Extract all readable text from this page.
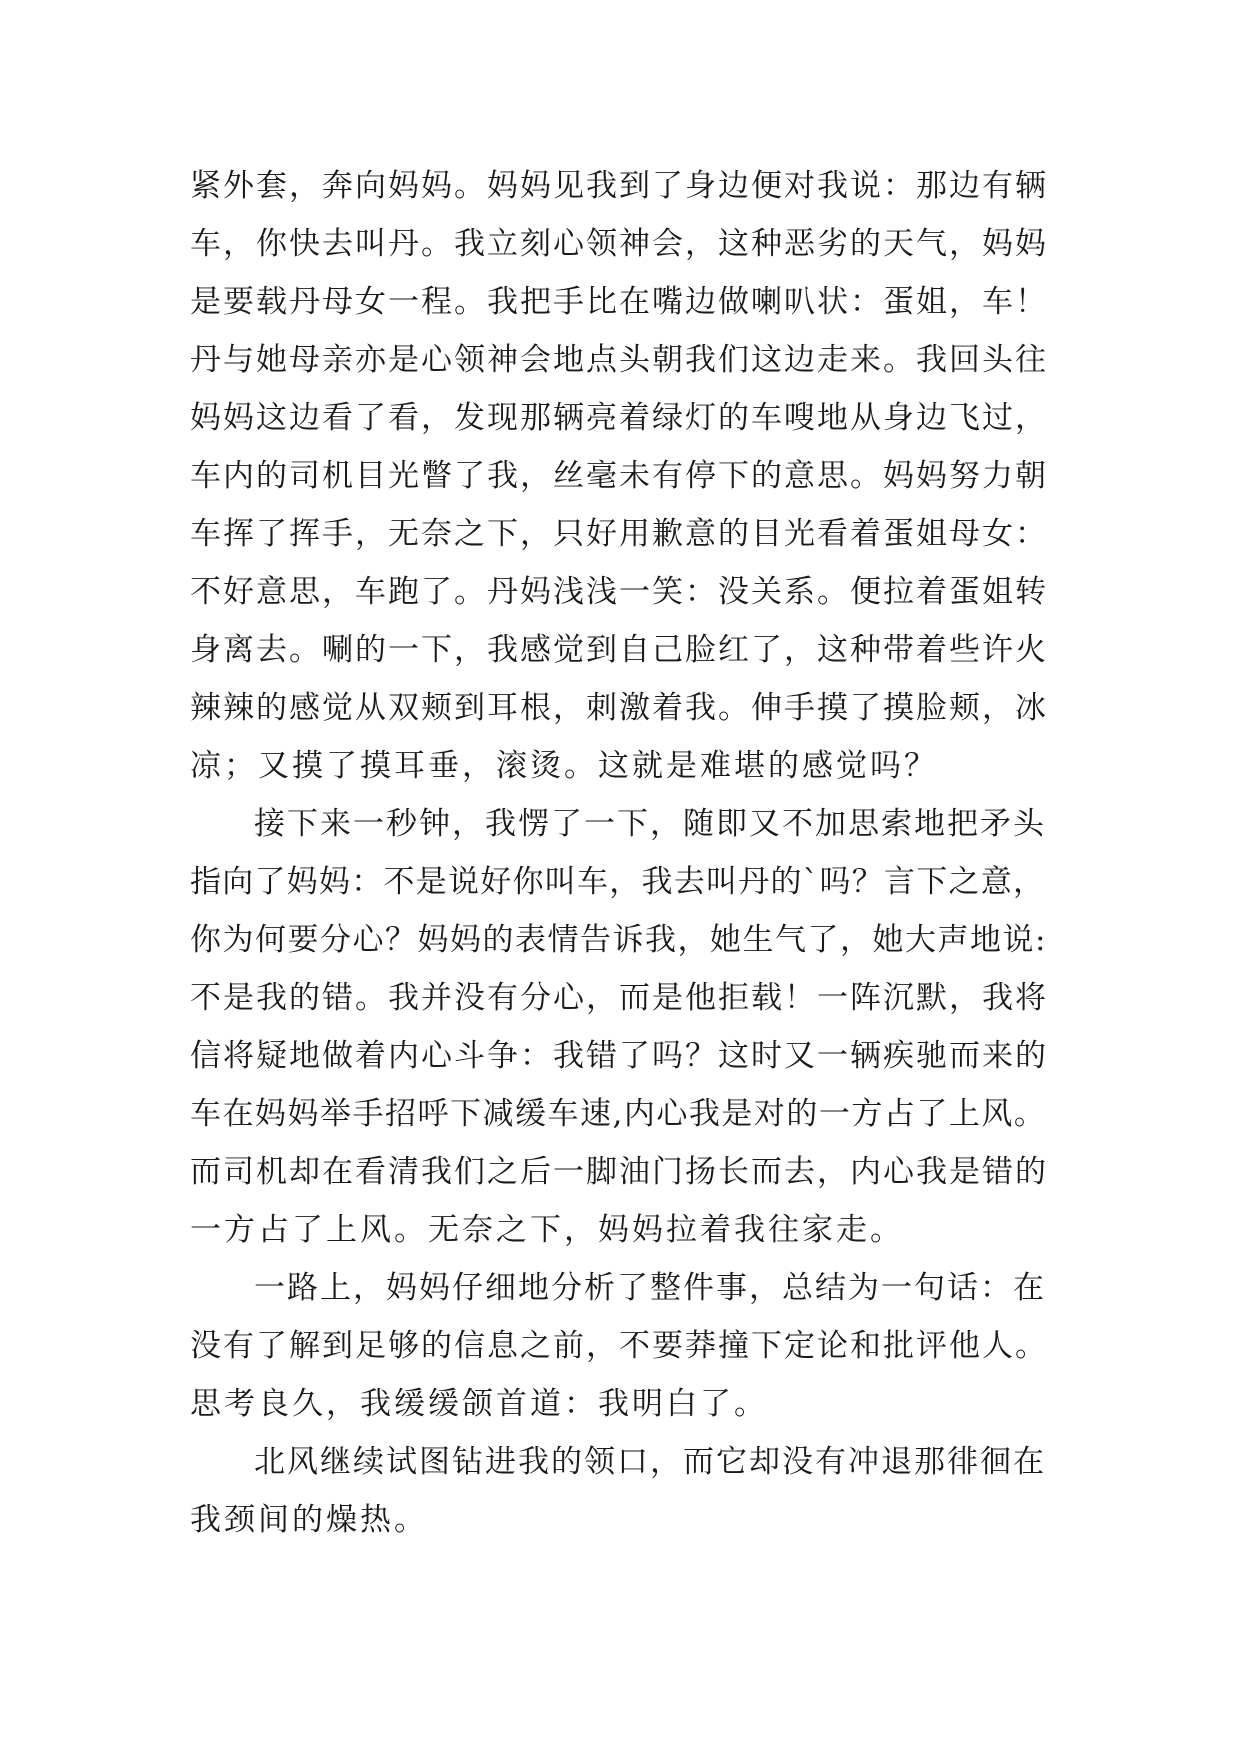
紧外套，奔向妈妈。妈妈见我到了身边便对我说：那边有辆
车，你快去叫丹。我立刻心领神会，这种恶劣的天气，妈妈
是要载丹母女一程。我把手比在嘴边做喇叭状：蛋姐，车！
丹与她母亲亦是心领神会地点头朝我们这边走来。我回头往
妈妈这边看了看，发现那辆亮着绿灯的车嗖地从身边飞过，
车内的司机目光瞥了我，丝毫未有停下的意思。妈妈努力朝
车挥了挥手，无奈之下，只好用歉意的目光看着蛋姐母女：
不好意思，车跑了。丹妈浅浅一笑：没关系。便拉着蛋姐转
身离去。唰的一下，我感觉到自己脸红了，这种带着些许火
辣辣的感觉从双颊到耳根，刺激着我。伸手摸了摸脸颊，冰
凉；又摸了摸耳垂，滚烫。这就是难堪的感觉吗？
接下来一秒钟，我愣了一下，随即又不加思索地把矛头
指向了妈妈：不是说好你叫车，我去叫丹的`吗？言下之意，
你为何要分心？妈妈的表情告诉我，她生气了，她大声地说:
不是我的错。我并没有分心，而是他拒载！一阵沉默，我将
信将疑地做着内心斗争：我错了吗？这时又一辆疾驰而来的
车在妈妈举手招呼下减缓车速,内心我是对的一方占了上风。
而司机却在看清我们之后一脚油门扬长而去，内心我是错的
一方占了上风。无奈之下，妈妈拉着我往家走。
一路上，妈妈仔细地分析了整件事，总结为一句话：在
没有了解到足够的信息之前，不要莽撞下定论和批评他人。
思考良久，我缓缓颌首道：我明白了。
北风继续试图钻进我的领口，而它却没有冲退那徘徊在
我颈间的燥热。
